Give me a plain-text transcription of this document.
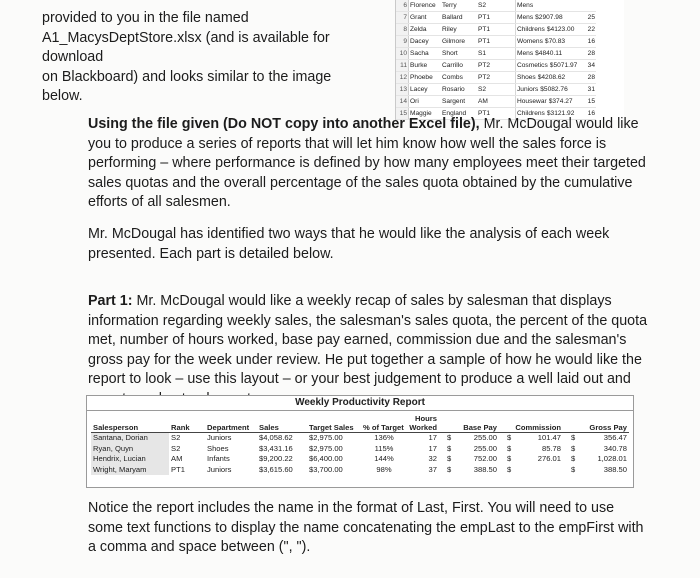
provided to you in the file named
A1_MacysDeptStore.xlsx (and is available for download
on Blackboard) and looks similar to the image below.

6	Florence	Terry	S2		Mens	
7	Grant	Ballard	PT1		Mens $2907.98	25
8	Zelda	Riley	PT1		Childrens $4123.00	22
9	Dacey	Gilmore	PT1		Womens $70.83	16
10	Sacha	Short	S1		Mens $4840.11	28
11	Burke	Carrillo	PT2		Cosmetics $5071.97	34
12	Phoebe	Combs	PT2		Shoes $4208.62	28
13	Lacey	Rosario	S2		Juniors $5082.76	31
14	Ori	Sargent	AM		Housewar $374.27	15
15	Maggie	England	PT1		Childrens $3121.92	16

Using the file given (Do NOT copy into another Excel file), Mr. McDougal would like you to produce a series of reports that will let him know how well the sales force is performing – where performance is defined by how many employees meet their targeted sales quotas and the overall percentage of the sales quota obtained by the cumulative efforts of all salesmen.

Mr. McDougal has identified two ways that he would like the analysis of each week presented. Each part is detailed below.

Part 1: Mr. McDougal would like a weekly recap of sales by salesman that displays information regarding weekly sales, the salesman's sales quota, the percent of the quota met, number of hours worked, base pay earned, commission due and the salesman's gross pay for the week under review. He put together a sample of how he would like the report to look – use this layout – or your best judgement to produce a well laid out and

Weekly Productivity Report
						Hours			
Salesperson	Rank	Department	Sales	Target Sales	% of Target	Worked	Base Pay	Commission	Gross Pay
Santana, Dorian	S2	Juniors	$4,058.62	$2,975.00	136%	17	$ 255.00	$ 101.47	$ 356.47
Ryan, Quyn	S2	Shoes	$3,431.16	$2,975.00	115%	17	$ 255.00	$ 85.78	$ 340.78
Hendrix, Lucian	AM	Infants	$9,200.22	$6,400.00	144%	32	$ 752.00	$ 276.01	$ 1,028.01
Wright, Maryam	PT1	Juniors	$3,615.60	$3,700.00	98%	37	$ 388.50	$	$ 388.50

Notice the report includes the name in the format of Last, First. You will need to use some text functions to display the name concatenating the empLast to the empFirst with a comma and space between (", ").
